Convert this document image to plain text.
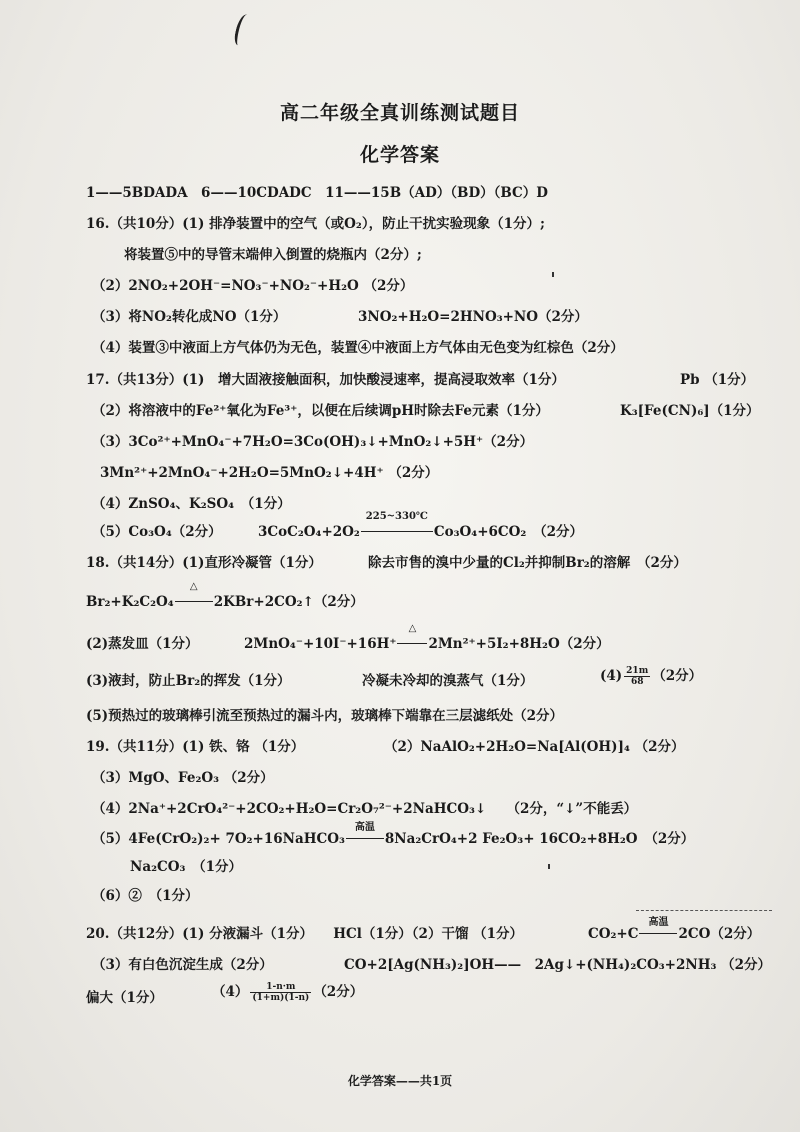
高二年级全真训练测试题目
化学答案
1——5BDADA　6——10CDADC　11——15B（AD）（BD）（BC）D
16.（共10分）(1) 排净装置中的空气（或O₂），防止干扰实验现象（1分）;
将装置⑤中的导管末端伸入倒置的烧瓶内（2分）;
（2）2NO₂+2OH⁻=NO₃⁻+NO₂⁻+H₂O （2分）
（3）将NO₂转化成NO（1分）	3NO₂+H₂O=2HNO₃+NO（2分）
（4）装置③中液面上方气体仍为无色，装置④中液面上方气体由无色变为红棕色（2分）
17.（共13分）(1)　增大固液接触面积，加快酸浸速率，提高浸取效率（1分）	Pb （1分）
（2）将溶液中的Fe²⁺氧化为Fe³⁺，以便在后续调pH时除去Fe元素（1分）	K₃[Fe(CN)₆]（1分）
（3）3Co²⁺+MnO₄⁻+7H₂O=3Co(OH)₃↓+MnO₂↓+5H⁺（2分）
3Mn²⁺+2MnO₄⁻+2H₂O=5MnO₂↓+4H⁺ （2分）
（4）ZnSO₄、K₂SO₄　（1分）
（5）Co₃O₄（2分）	3CoC₂O₄+2O₂
225~330℃
Co₃O₄+6CO₂　（2分）
18.（共14分）(1)直形冷凝管（1分）	除去市售的溴中少量的Cl₂并抑制Br₂的溶解　（2分）
Br₂+K₂C₂O₄
△
2KBr+2CO₂↑（2分）
(2)蒸发皿（1分）	2MnO₄⁻+10I⁻+16H⁺
△
2Mn²⁺+5I₂+8H₂O（2分）
(3)液封，防止Br₂的挥发（1分）	冷凝未冷却的溴蒸气（1分）	$(4) \frac{21m}{68} (2$分）
(5)预热过的玻璃棒引流至预热过的漏斗内，玻璃棒下端靠在三层滤纸处（2分）
19.（共11分）(1) 铁、铬 （1分）	（2）NaAlO₂+2H₂O=Na[Al(OH)]₄ （2分）
（3）MgO、Fe₂O₃ （2分）
（4）2Na⁺+2CrO₄²⁻+2CO₂+H₂O=Cr₂O₇²⁻+2NaHCO₃↓　　（2分，“↓”不能丢）
（5）4Fe(CrO₂)₂+ 7O₂+16NaHCO₃
高温
8Na₂CrO₄+2 Fe₂O₃+ 16CO₂+8H₂O　（2分）
Na₂CO₃　（1分）
（6）②　（1分）
20.（共12分）(1) 分液漏斗（1分）　　HCl（1分）（2）干馏 （1分）	CO₂+C
高温
2CO（2分）
（3）有白色沉淀生成（2分）	CO+2[Ag(NH₃)₂]OH——　2Ag↓+(NH₄)₂CO₃+2NH₃ （2分）
偏大（1分）	$(4) \frac{1-n\cdot m}{(1+m)(1-n)} (2$分）
化学答案——共1页
